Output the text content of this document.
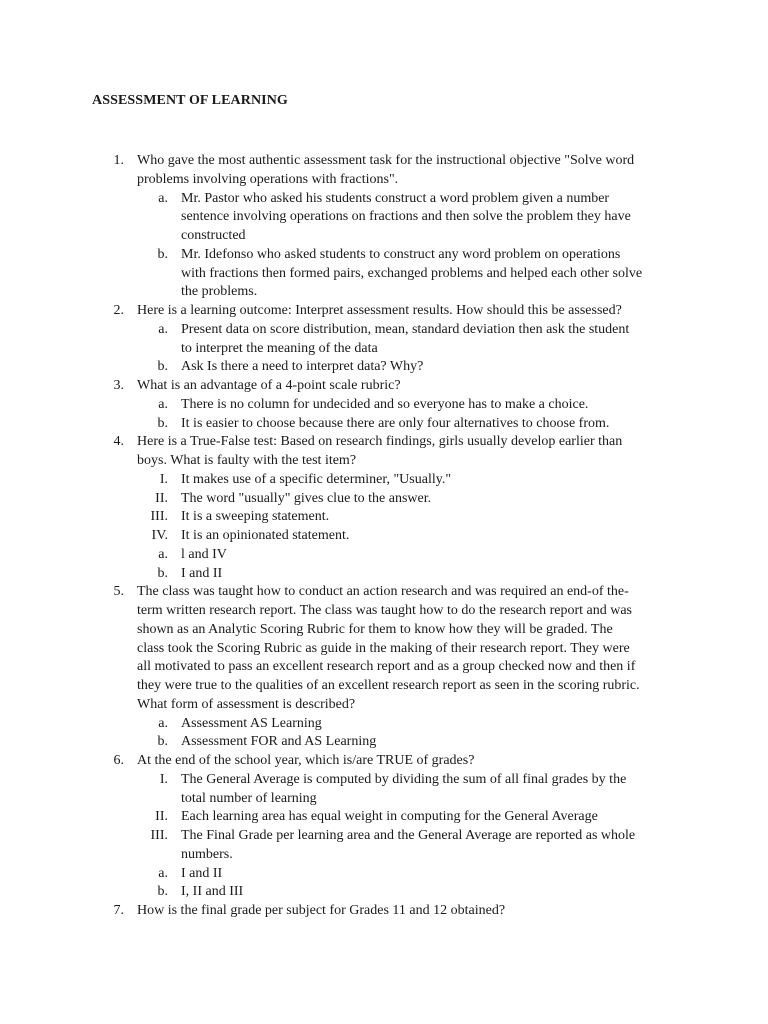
ASSESSMENT OF LEARNING
1. Who gave the most authentic assessment task for the instructional objective "Solve word
problems involving operations with fractions".
a. Mr. Pastor who asked his students construct a word problem given a number
sentence involving operations on fractions and then solve the problem they have
constructed
b. Mr. Idefonso who asked students to construct any word problem on operations
with fractions then formed pairs, exchanged problems and helped each other solve
the problems.
2. Here is a learning outcome: Interpret assessment results. How should this be assessed?
a. Present data on score distribution, mean, standard deviation then ask the student
to interpret the meaning of the data
b. Ask Is there a need to interpret data? Why?
3. What is an advantage of a 4-point scale rubric?
a. There is no column for undecided and so everyone has to make a choice.
b. It is easier to choose because there are only four alternatives to choose from.
4. Here is a True-False test: Based on research findings, girls usually develop earlier than
boys. What is faulty with the test item?
I. It makes use of a specific determiner, "Usually."
II. The word "usually" gives clue to the answer.
III. It is a sweeping statement.
IV. It is an opinionated statement.
a. l and IV
b. I and II
5. The class was taught how to conduct an action research and was required an end-of the-
term written research report. The class was taught how to do the research report and was
shown as an Analytic Scoring Rubric for them to know how they will be graded. The
class took the Scoring Rubric as guide in the making of their research report. They were
all motivated to pass an excellent research report and as a group checked now and then if
they were true to the qualities of an excellent research report as seen in the scoring rubric.
What form of assessment is described?
a. Assessment AS Learning
b. Assessment FOR and AS Learning
6. At the end of the school year, which is/are TRUE of grades?
I. The General Average is computed by dividing the sum of all final grades by the
total number of learning
II. Each learning area has equal weight in computing for the General Average
III. The Final Grade per learning area and the General Average are reported as whole
numbers.
a. I and II
b. I, II and III
7. How is the final grade per subject for Grades 11 and 12 obtained?
